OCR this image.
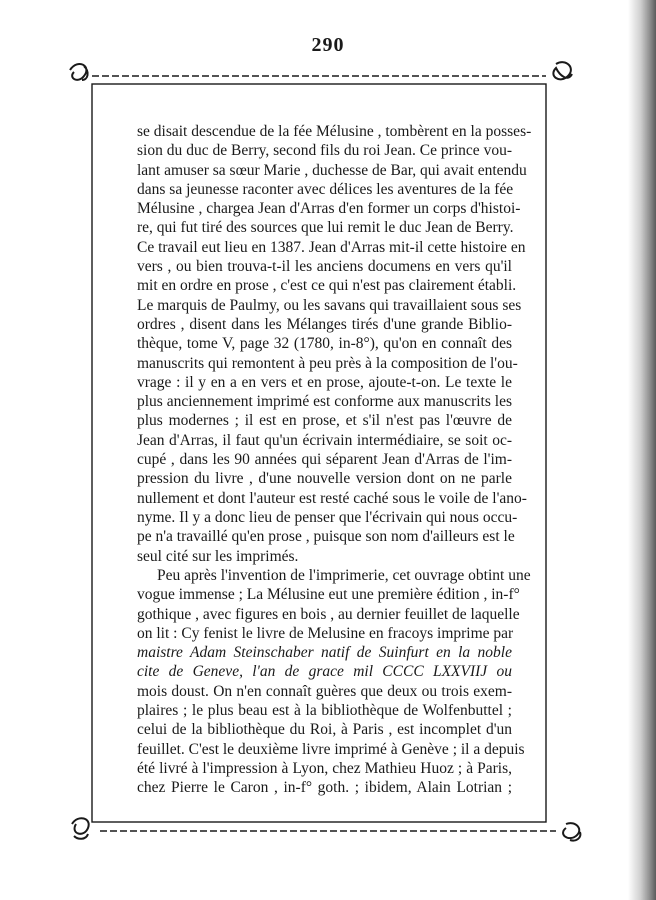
290
se disait descendue de la fée Mélusine , tombèrent en la posses-
sion du duc de Berry, second fils du roi Jean. Ce prince vou-
lant amuser sa sœur Marie , duchesse de Bar, qui avait entendu
dans sa jeunesse raconter avec délices les aventures de la fée
Mélusine , chargea Jean d'Arras d'en former un corps d'histoi-
re, qui fut tiré des sources que lui remit le duc Jean de Berry.
Ce travail eut lieu en 1387. Jean d'Arras mit-il cette histoire en
vers , ou bien trouva-t-il les anciens documens en vers qu'il
mit en ordre en prose , c'est ce qui n'est pas clairement établi.
Le marquis de Paulmy, ou les savans qui travaillaient sous ses
ordres , disent dans les Mélanges tirés d'une grande Biblio-
thèque, tome V, page 32 (1780, in-8°), qu'on en connaît des
manuscrits qui remontent à peu près à la composition de l'ou-
vrage : il y en a en vers et en prose, ajoute-t-on. Le texte le
plus anciennement imprimé est conforme aux manuscrits les
plus modernes ; il est en prose, et s'il n'est pas l'œuvre de
Jean d'Arras, il faut qu'un écrivain intermédiaire, se soit oc-
cupé , dans les 90 années qui séparent Jean d'Arras de l'im-
pression du livre , d'une nouvelle version dont on ne parle
nullement et dont l'auteur est resté caché sous le voile de l'ano-
nyme. Il y a donc lieu de penser que l'écrivain qui nous occu-
pe n'a travaillé qu'en prose , puisque son nom d'ailleurs est le
seul cité sur les imprimés.
Peu après l'invention de l'imprimerie, cet ouvrage obtint une
vogue immense ; La Mélusine eut une première édition , in-f°
gothique , avec figures en bois , au dernier feuillet de laquelle
on lit : Cy fenist le livre de Melusine en fracoys imprime par
maistre Adam Steinschaber natif de Suinfurt en la noble
cite de Geneve, l'an de grace mil CCCC LXXVIIJ ou
mois doust. On n'en connaît guères que deux ou trois exem-
plaires ; le plus beau est à la bibliothèque de Wolfenbuttel ;
celui de la bibliothèque du Roi, à Paris , est incomplet d'un
feuillet. C'est le deuxième livre imprimé à Genève ; il a depuis
été livré à l'impression à Lyon, chez Mathieu Huoz ; à Paris,
chez Pierre le Caron , in-f° goth. ; ibidem, Alain Lotrian ;
